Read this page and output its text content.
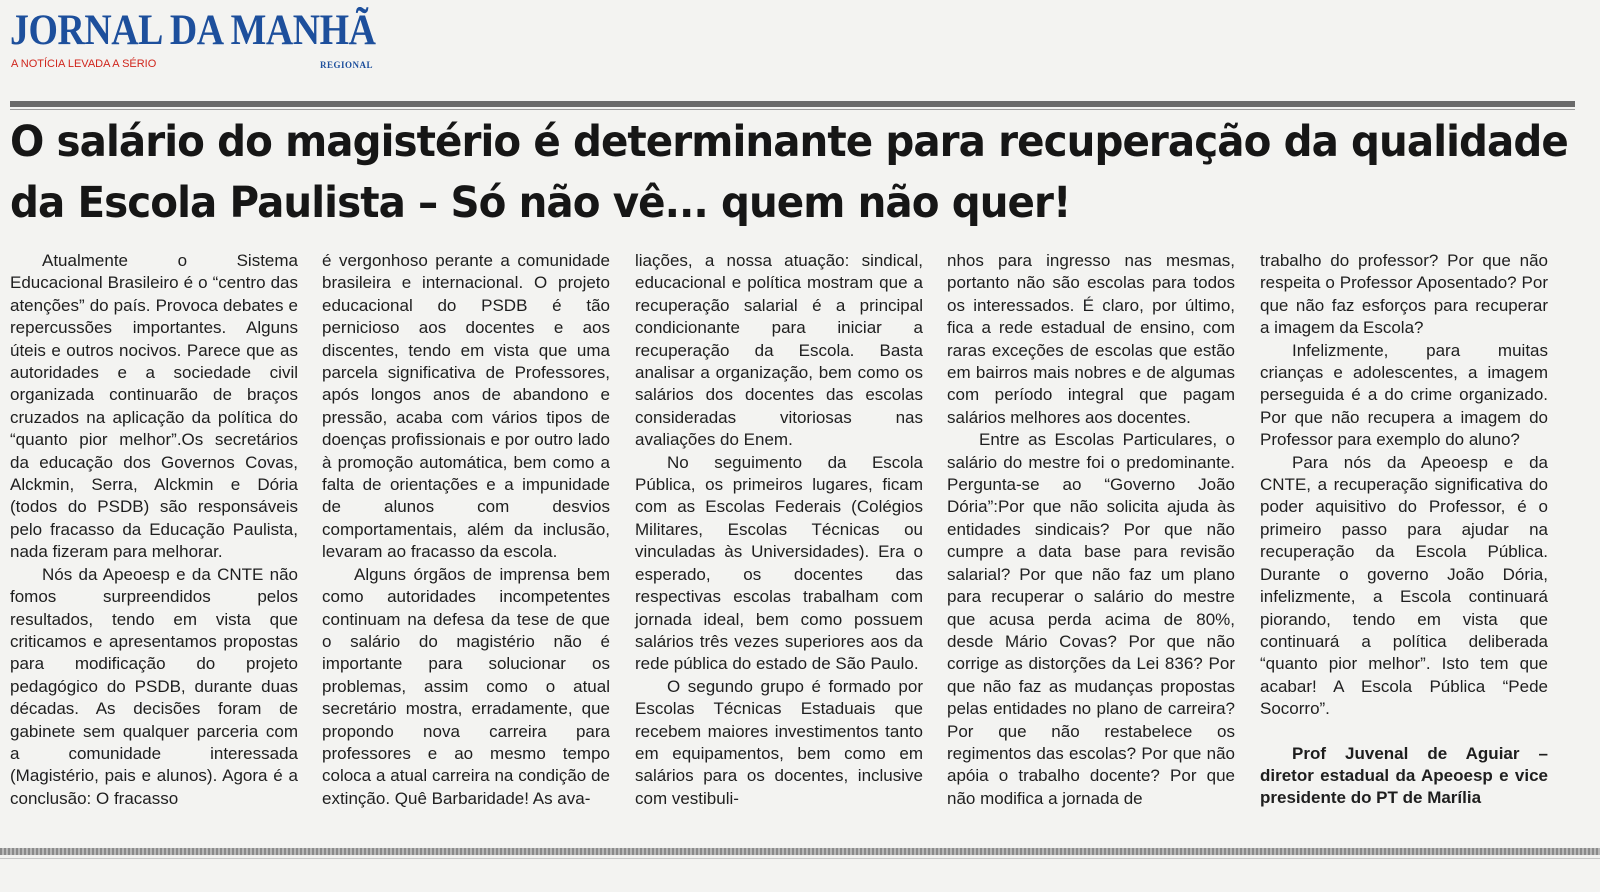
JORNAL DA MANHÃ
A NOTÍCIA LEVADA A SÉRIO	REGIONAL
O salário do magistério é determinante para recuperação da qualidade
da Escola Paulista – Só não vê... quem não quer!

Atualmente o Sistema Educacional Brasileiro é o “centro das atenções” do país. Provoca debates e repercussões importantes. Alguns úteis e outros nocivos. Parece que as autoridades e a sociedade civil organizada continuarão de braços cruzados na aplicação da política do “quanto pior melhor”.Os secretários da educação dos Governos Covas, Alckmin, Serra, Alckmin e Dória (todos do PSDB) são responsáveis pelo fracasso da Educação Paulista, nada fizeram para melhorar.

Nós da Apeoesp e da CNTE não fomos surpreendidos pelos resultados, tendo em vista que criticamos e apresentamos propostas para modificação do projeto pedagógico do PSDB, durante duas décadas. As decisões foram de gabinete sem qualquer parceria com a comunidade interessada (Magistério, pais e alunos). Agora é a conclusão: O fracasso

é vergonhoso perante a comunidade brasileira e internacional. O projeto educacional do PSDB é tão pernicioso aos docentes e aos discentes, tendo em vista que uma parcela significativa de Professores, após longos anos de abandono e pressão, acaba com vários tipos de doenças profissionais e por outro lado à promoção automática, bem como a falta de orientações e a impunidade de alunos com desvios comportamentais, além da inclusão, levaram ao fracasso da escola.

Alguns órgãos de imprensa bem como autoridades incompetentes continuam na defesa da tese de que o salário do magistério não é importante para solucionar os problemas, assim como o atual secretário mostra, erradamente, que propondo nova carreira para professores e ao mesmo tempo coloca a atual carreira na condição de extinção. Quê Barbaridade! As ava-

liações, a nossa atuação: sindical, educacional e política mostram que a recuperação salarial é a principal condicionante para iniciar a recuperação da Escola. Basta analisar a organização, bem como os salários dos docentes das escolas consideradas vitoriosas nas avaliações do Enem.

No seguimento da Escola Pública, os primeiros lugares, ficam com as Escolas Federais (Colégios Militares, Escolas Técnicas ou vinculadas às Universidades). Era o esperado, os docentes das respectivas escolas trabalham com jornada ideal, bem como possuem salários três vezes superiores aos da rede pública do estado de São Paulo.

O segundo grupo é formado por Escolas Técnicas Estaduais que recebem maiores investimentos tanto em equipamentos, bem como em salários para os docentes, inclusive com vestibuli-

nhos para ingresso nas mesmas, portanto não são escolas para todos os interessados. É claro, por último, fica a rede estadual de ensino, com raras exceções de escolas que estão em bairros mais nobres e de algumas com período integral que pagam salários melhores aos docentes.

Entre as Escolas Particulares, o salário do mestre foi o predominante. Pergunta-se ao “Governo João Dória”:Por que não solicita ajuda às entidades sindicais? Por que não cumpre a data base para revisão salarial? Por que não faz um plano para recuperar o salário do mestre que acusa perda acima de 80%, desde Mário Covas? Por que não corrige as distorções da Lei 836? Por que não faz as mudanças propostas pelas entidades no plano de carreira? Por que não restabelece os regimentos das escolas? Por que não apóia o trabalho docente? Por que não modifica a jornada de

trabalho do professor? Por que não respeita o Professor Aposentado? Por que não faz esforços para recuperar a imagem da Escola?

Infelizmente, para muitas crianças e adolescentes, a imagem perseguida é a do crime organizado. Por que não recupera a imagem do Professor para exemplo do aluno?

Para nós da Apeoesp e da CNTE, a recuperação significativa do poder aquisitivo do Professor, é o primeiro passo para ajudar na recuperação da Escola Pública. Durante o governo João Dória, infelizmente, a Escola continuará piorando, tendo em vista que continuará a política deliberada “quanto pior melhor”. Isto tem que acabar! A Escola Pública “Pede Socorro”.

Prof Juvenal de Aguiar – diretor estadual da Apeoesp e vice presidente do PT de Marília
